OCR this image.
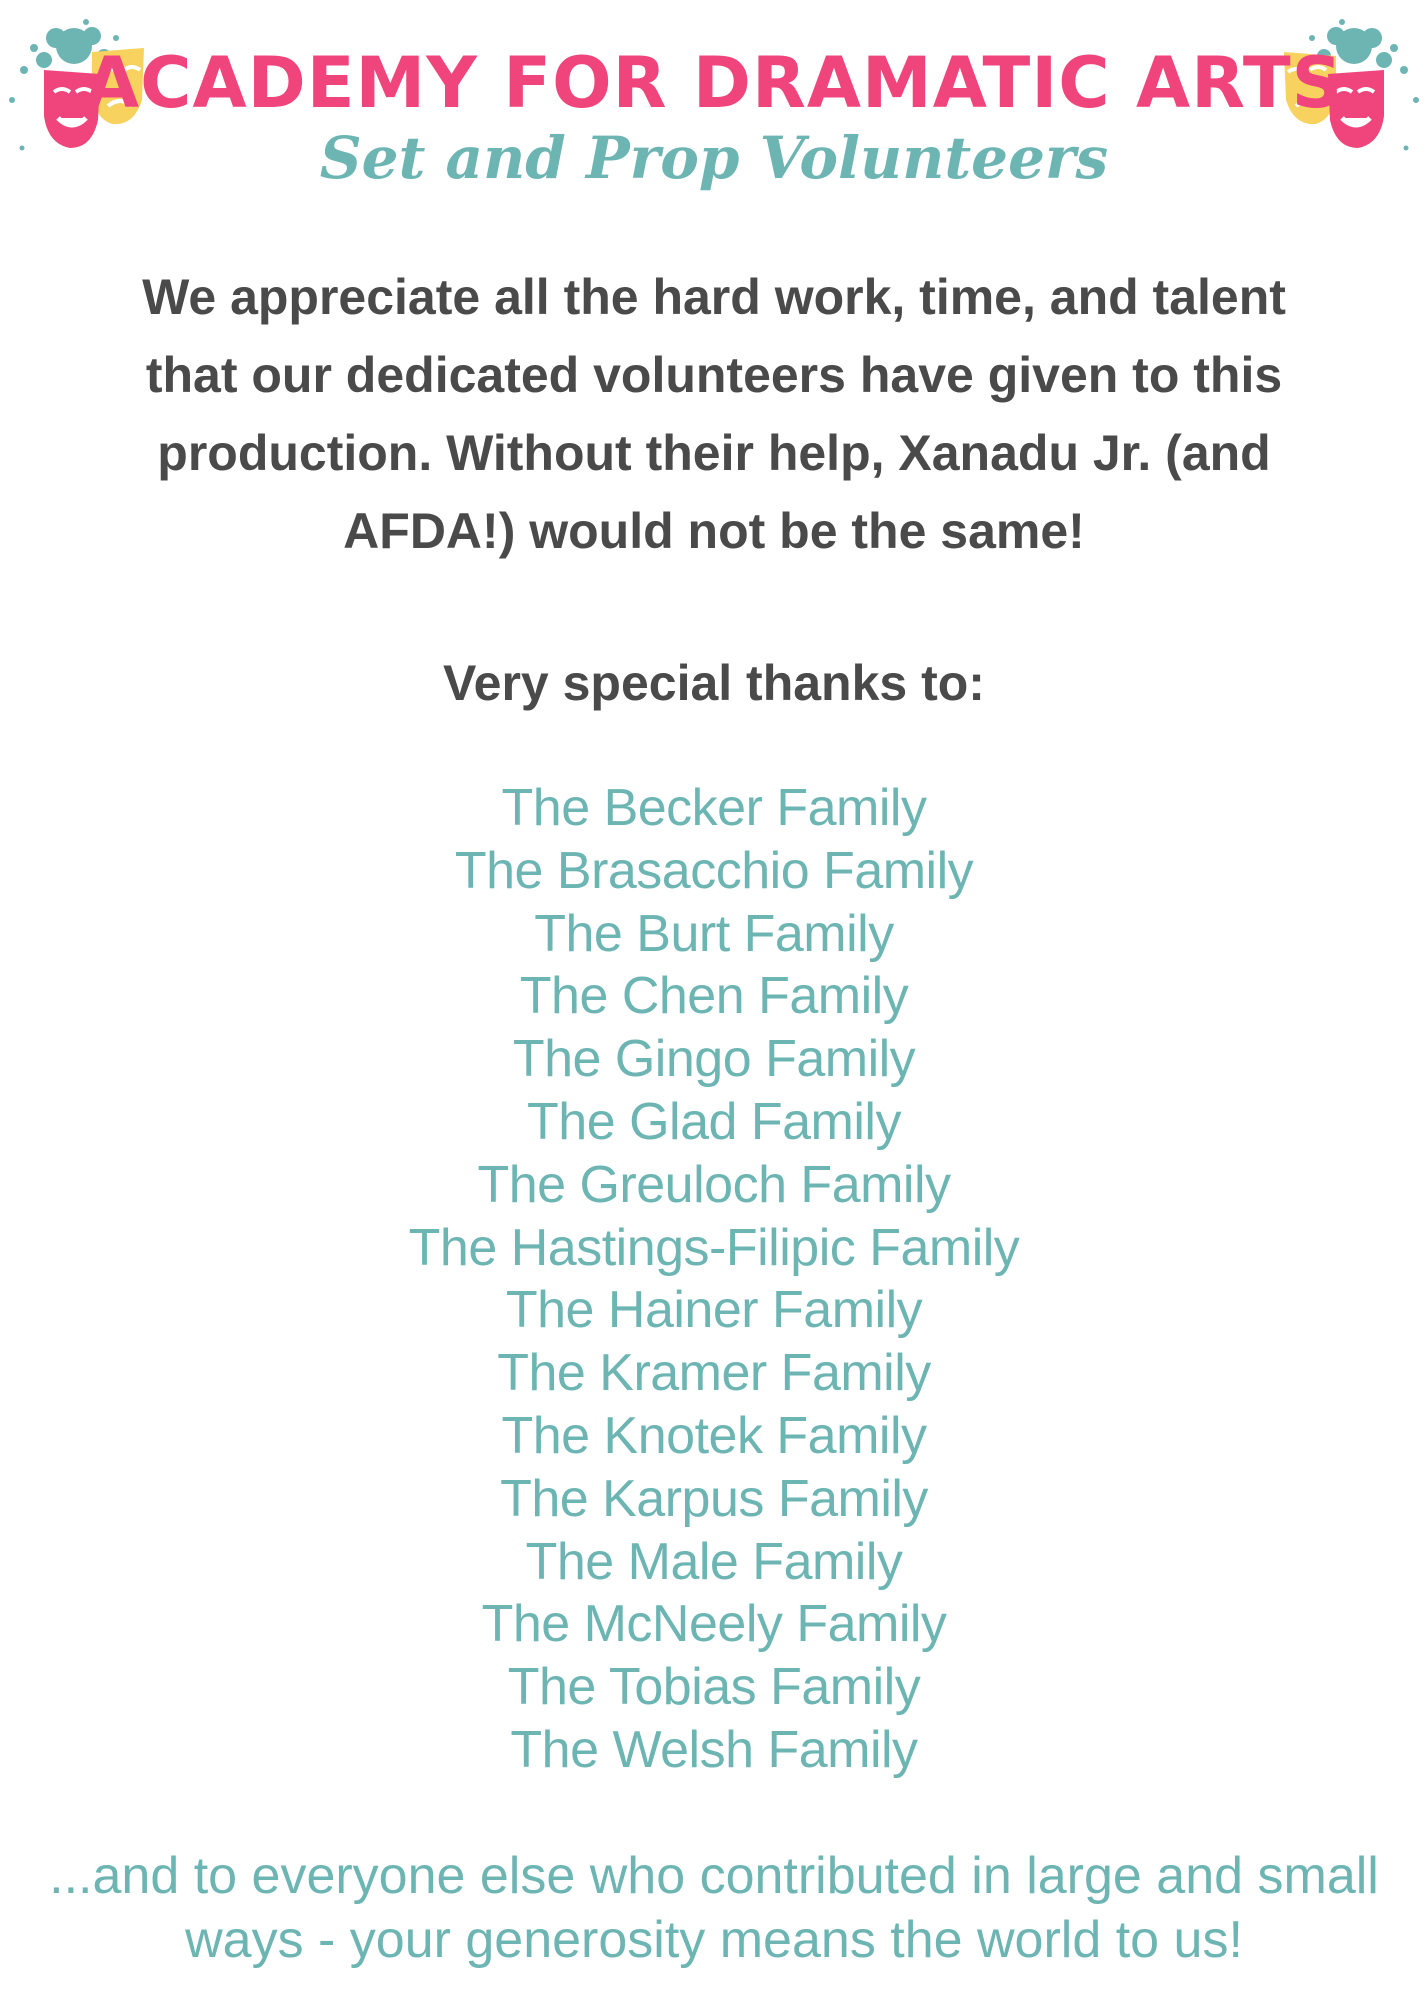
ACADEMY FOR DRAMATIC ARTS
Set and Prop Volunteers
We appreciate all the hard work, time, and talent that our dedicated volunteers have given to this production. Without their help, Xanadu Jr. (and AFDA!) would not be the same!
Very special thanks to:
The Becker Family
The Brasacchio Family
The Burt Family
The Chen Family
The Gingo Family
The Glad Family
The Greuloch Family
The Hastings-Filipic Family
The Hainer Family
The Kramer Family
The Knotek Family
The Karpus Family
The Male Family
The McNeely Family
The Tobias Family
The Welsh Family
...and to everyone else who contributed in large and small ways - your generosity means the world to us!
